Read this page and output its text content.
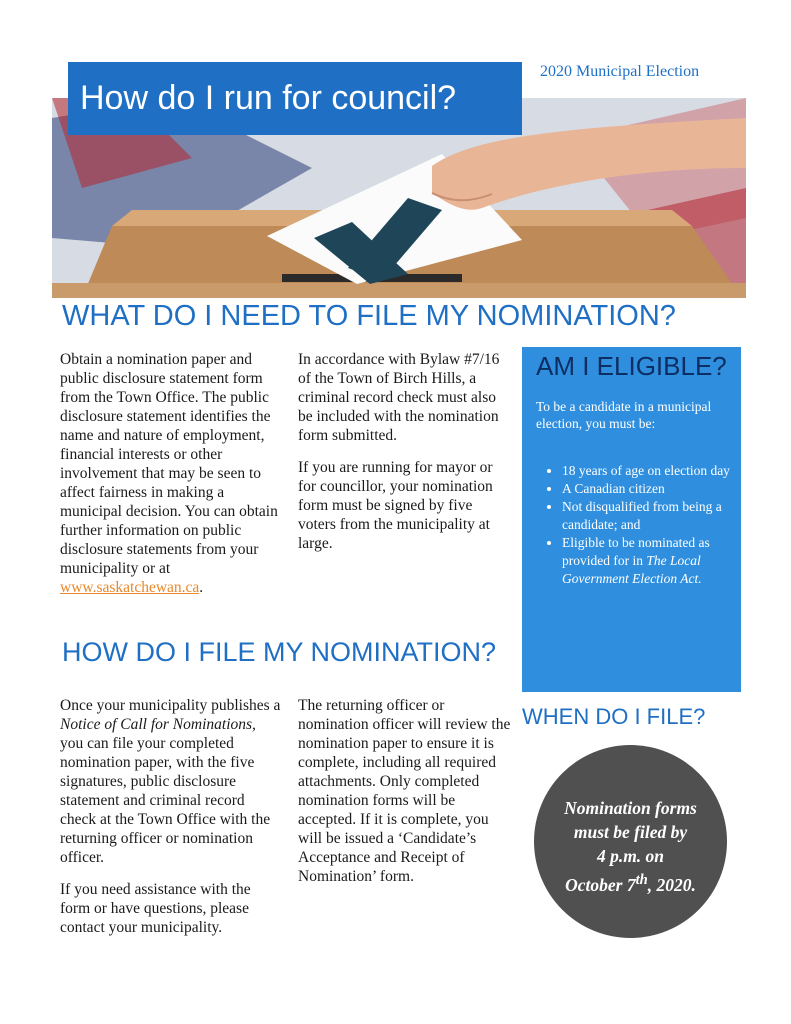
How do I run for council?
2020 Municipal Election
WHAT DO I NEED TO FILE MY NOMINATION?

Obtain a nomination paper and public disclosure statement form from the Town Office. The public disclosure statement identifies the name and nature of employment, financial interests or other involvement that may be seen to affect fairness in making a municipal decision. You can obtain further information on public disclosure statements from your municipality or at www.saskatchewan.ca.

In accordance with Bylaw #7/16 of the Town of Birch Hills, a criminal record check must also be included with the nomination form submitted.

If you are running for mayor or for councillor, your nomination form must be signed by five voters from the municipality at large.

HOW DO I FILE MY NOMINATION?

Once your municipality publishes a Notice of Call for Nominations, you can file your completed nomination paper, with the five signatures, public disclosure statement and criminal record check at the Town Office with the returning officer or nomination officer.

If you need assistance with the form or have questions, please contact your municipality.

The returning officer or nomination officer will review the nomination paper to ensure it is complete, including all required attachments. Only completed nomination forms will be accepted. If it is complete, you will be issued a ‘Candidate’s Acceptance and Receipt of Nomination’ form.

AM I ELIGIBLE?
To be a candidate in a municipal election, you must be:
• 18 years of age on election day
• A Canadian citizen
• Not disqualified from being a candidate; and
• Eligible to be nominated as provided for in The Local Government Election Act.
WHEN DO I FILE?
Nomination forms
must be filed by
4 p.m. on
October 7th, 2020.
